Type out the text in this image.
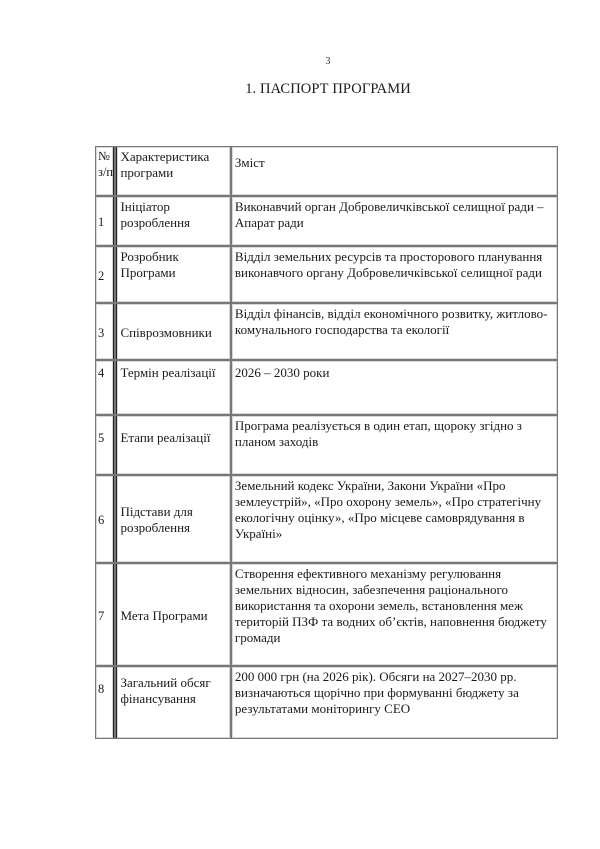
3
1. ПАСПОРТ ПРОГРАМИ
№ з/п	Характеристика програми	Зміст
1	Ініціатор розроблення	Виконавчий орган Добровеличківської селищної ради – Апарат ради
2	Розробник Програми	Відділ земельних ресурсів та просторового планування виконавчого органу Добровеличківської селищної ради
3	Співрозмовники	Відділ фінансів, відділ економічного розвитку, житлово-комунального господарства та екології
4	Термін реалізації	2026 – 2030 роки
5	Етапи реалізації	Програма реалізується в один етап, щороку згідно з планом заходів
6	Підстави для розроблення	Земельний кодекс України, Закони України «Про землеустрій», «Про охорону земель», «Про стратегічну екологічну оцінку», «Про місцеве самоврядування в Україні»
7	Мета Програми	Створення ефективного механізму регулювання земельних відносин, забезпечення раціонального використання та охорони земель, встановлення меж територій ПЗФ та водних об’єктів, наповнення бюджету громади
8	Загальний обсяг фінансування	200 000 грн (на 2026 рік). Обсяги на 2027–2030 рр. визначаються щорічно при формуванні бюджету за результатами моніторингу СЕО
